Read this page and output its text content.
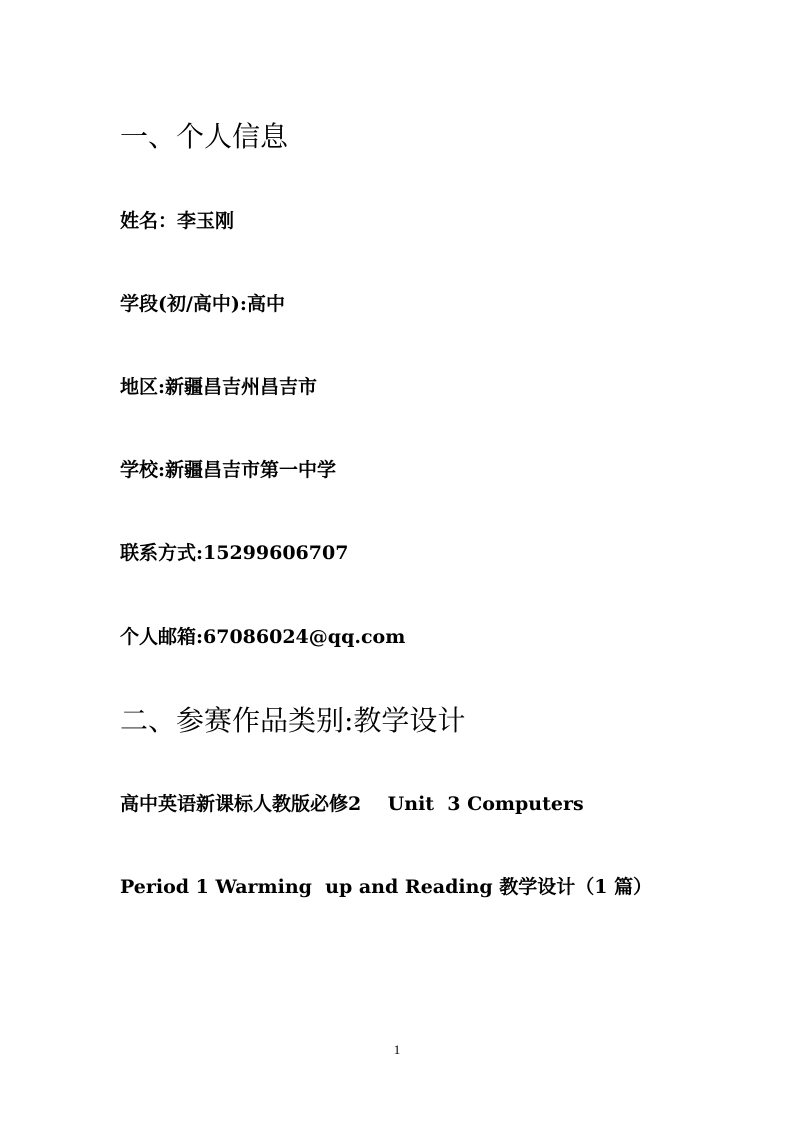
一、个人信息

姓名：李玉刚

学段(初/高中):高中

地区:新疆昌吉州昌吉市

学校:新疆昌吉市第一中学

联系方式:15299606707

个人邮箱:67086024@qq.com

二、参赛作品类别:教学设计

高中英语新课标人教版必修2    Unit  3 Computers

Period 1 Warming  up and Reading 教学设计（1 篇）

1
